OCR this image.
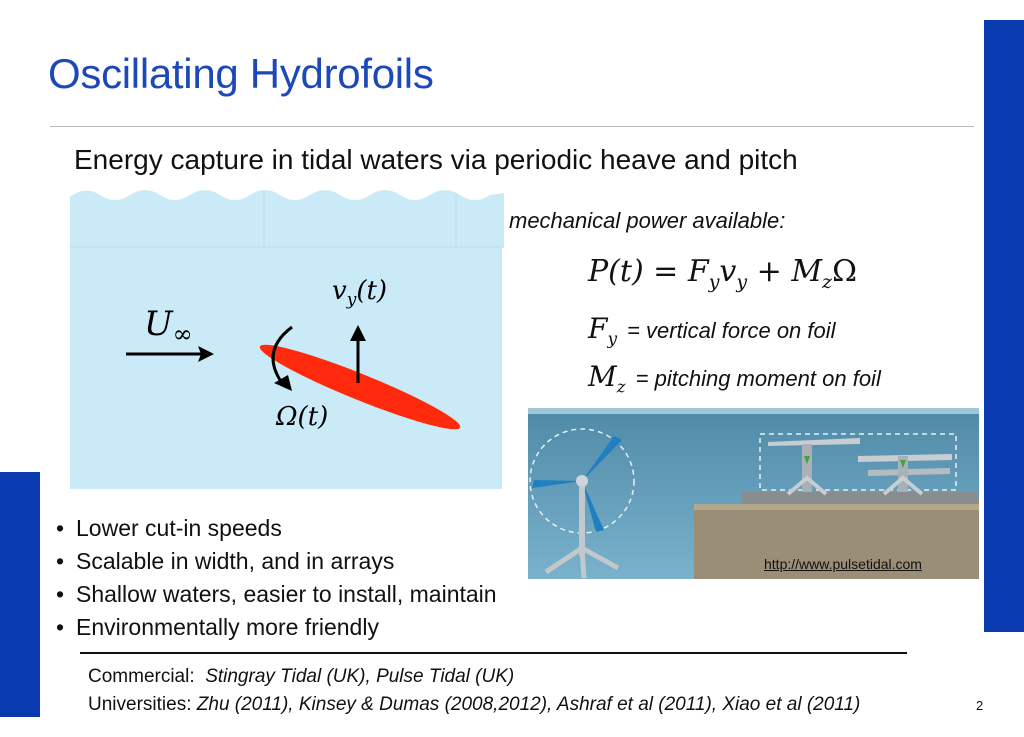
Oscillating Hydrofoils
Energy capture in tidal waters via periodic heave and pitch
$U_\infty$
$v_y(t)$
Ω(t)
mechanical power available:
$P(t) = F_yv_y + M_z\Omega$
$F_y$ = vertical force on foil
$M_z$ = pitching moment on foil
http://www.pulsetidal.com
• Lower cut-in speeds
• Scalable in width, and in arrays
• Shallow waters, easier to install, maintain
• Environmentally more friendly
Commercial: Stingray Tidal (UK), Pulse Tidal (UK)
Universities: Zhu (2011), Kinsey & Dumas (2008,2012), Ashraf et al (2011), Xiao et al (2011)	2
